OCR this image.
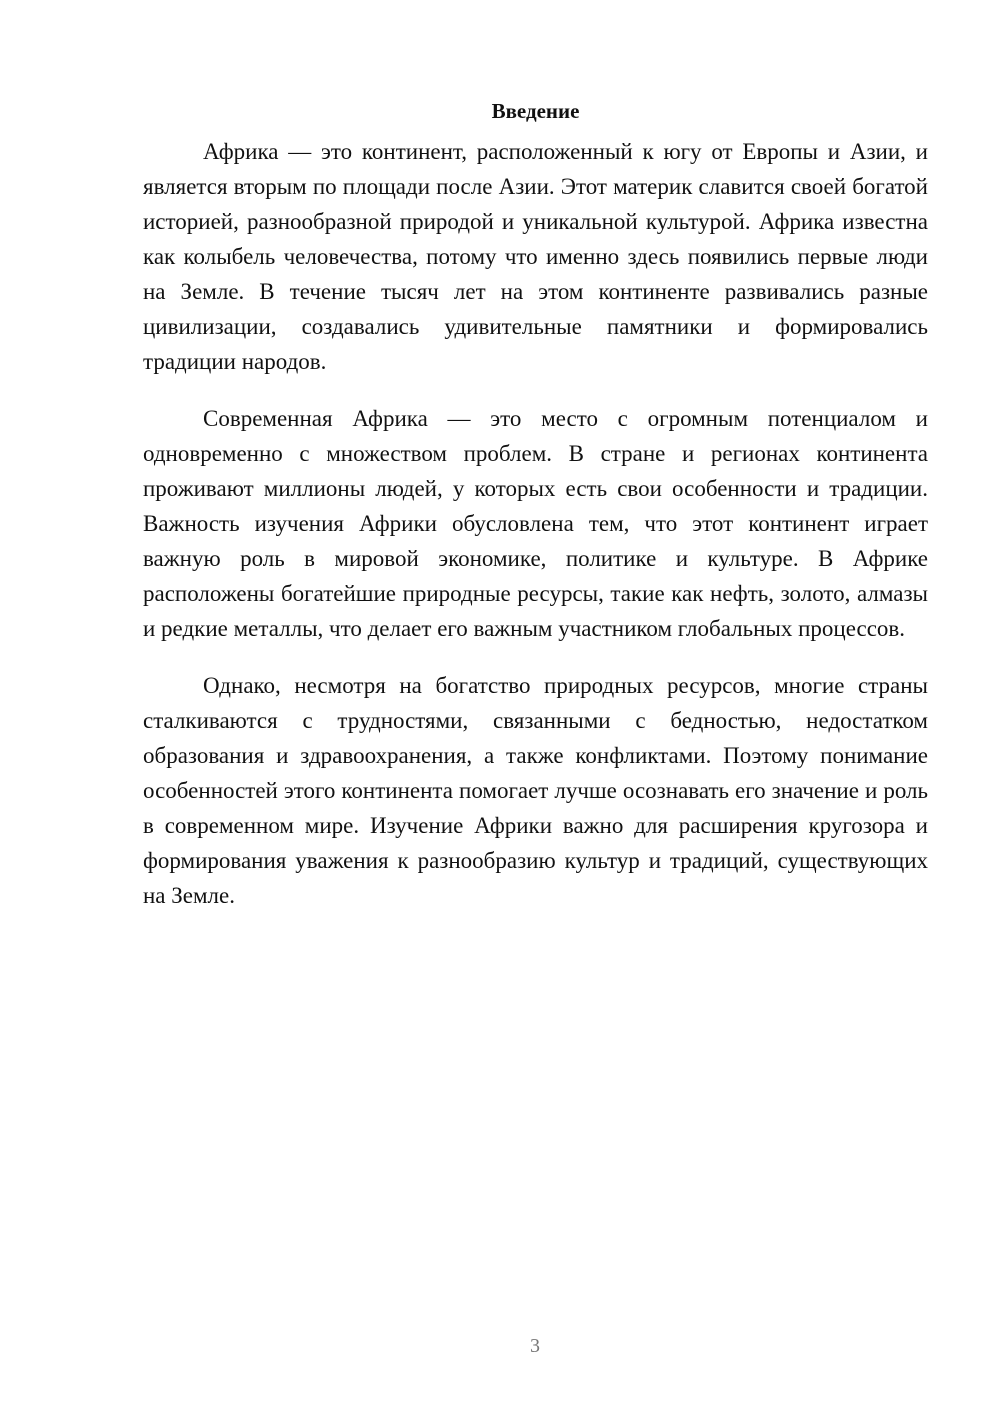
Введение

Африка — это континент, расположенный к югу от Европы и Азии, и является вторым по площади после Азии. Этот материк славится своей богатой историей, разнообразной природой и уникальной культурой. Африка известна как колыбель человечества, потому что именно здесь появились первые люди на Земле. В течение тысяч лет на этом континенте развивались разные цивилизации, создавались удивительные памятники и формировались традиции народов.

Современная Африка — это место с огромным потенциалом и одновременно с множеством проблем. В стране и регионах континента проживают миллионы людей, у которых есть свои особенности и традиции. Важность изучения Африки обусловлена тем, что этот континент играет важную роль в мировой экономике, политике и культуре. В Африке расположены богатейшие природные ресурсы, такие как нефть, золото, алмазы и редкие металлы, что делает его важным участником глобальных процессов.

Однако, несмотря на богатство природных ресурсов, многие страны сталкиваются с трудностями, связанными с бедностью, недостатком образования и здравоохранения, а также конфликтами. Поэтому понимание особенностей этого континента помогает лучше осознавать его значение и роль в современном мире. Изучение Африки важно для расширения кругозора и формирования уважения к разнообразию культур и традиций, существующих на Земле.

3
